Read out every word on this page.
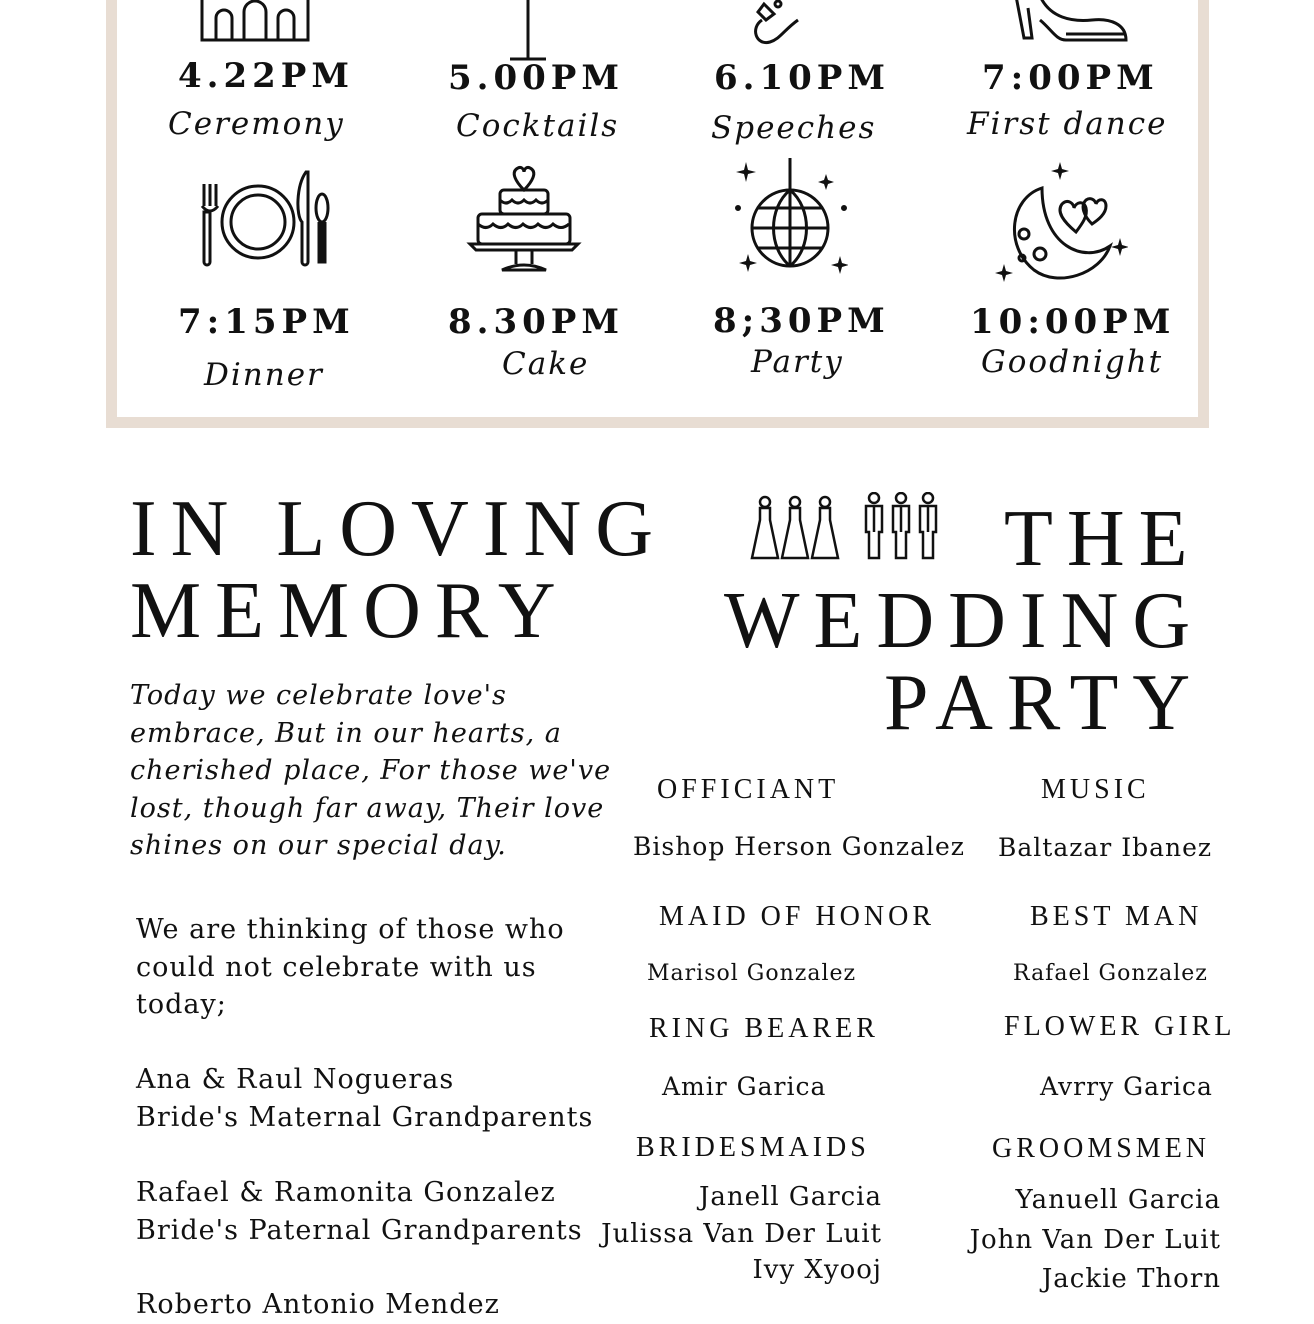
4.22PM
Ceremony
5.00PM
Cocktails
6.10PM
Speeches
7:00PM
First dance
7:15PM
Dinner
8.30PM
Cake
8;30PM
Party
10:00PM
Goodnight
IN LOVING
MEMORY
Today we celebrate love's
embrace, But in our hearts, a
cherished place, For those we've
lost, though far away, Their love
shines on our special day.
We are thinking of those who
could not celebrate with us
today;
Ana & Raul Nogueras
Bride's Maternal Grandparents
Rafael & Ramonita Gonzalez
Bride's Paternal Grandparents
Roberto Antonio Mendez
THE
WEDDING
PARTY
OFFICIANT
Bishop Herson Gonzalez
MUSIC
Baltazar Ibanez
MAID OF HONOR
Marisol Gonzalez
BEST MAN
Rafael Gonzalez
RING BEARER
Amir Garica
FLOWER GIRL
Avrry Garica
BRIDESMAIDS
Janell Garcia
Julissa Van Der Luit
Ivy Xyooj
GROOMSMEN
Yanuell Garcia
John Van Der Luit
Jackie Thorn
